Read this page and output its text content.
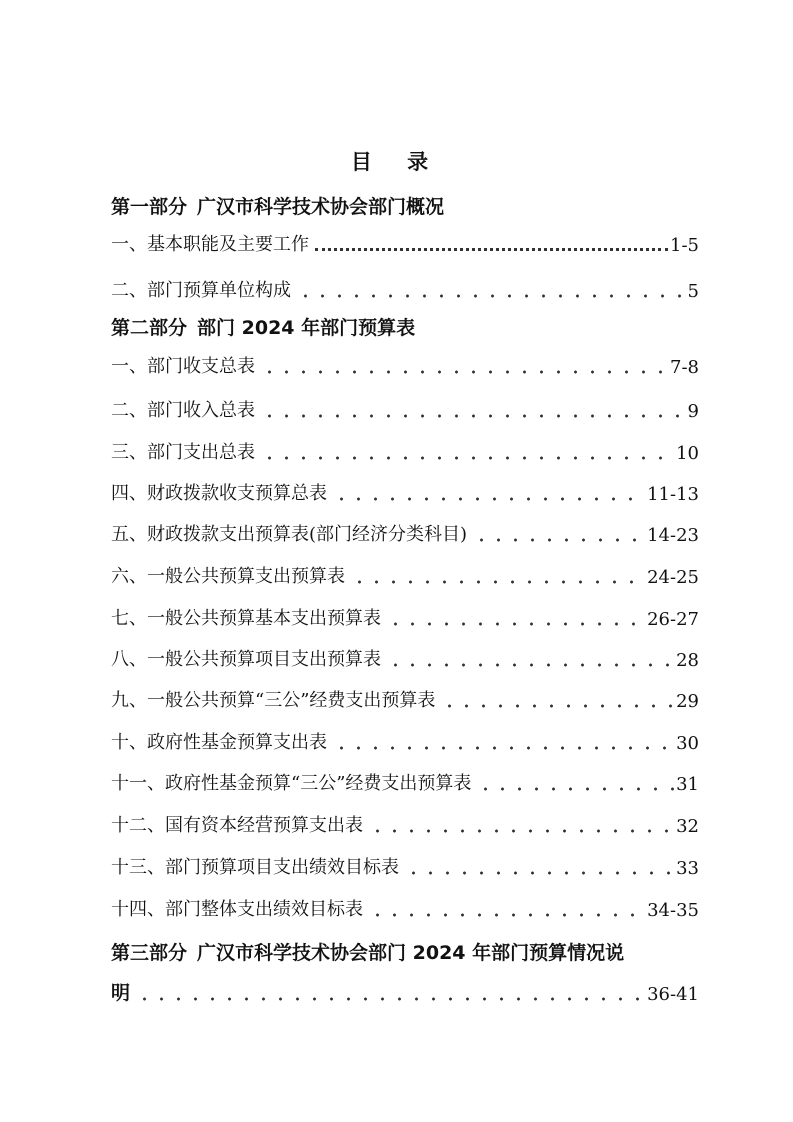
目 录
第一部分 广汉市科学技术协会部门概况
一、基本职能及主要工作	1-5
二、部门预算单位构成	5
第二部分 部门 2024 年部门预算表
一、部门收支总表	7-8
二、部门收入总表	9
三、部门支出总表	10
四、财政拨款收支预算总表	11-13
五、财政拨款支出预算表(部门经济分类科目)	14-23
六、一般公共预算支出预算表	24-25
七、一般公共预算基本支出预算表	26-27
八、一般公共预算项目支出预算表	28
九、一般公共预算“三公”经费支出预算表	29
十、政府性基金预算支出表	30
十一、政府性基金预算“三公”经费支出预算表	31
十二、国有资本经营预算支出表	32
十三、部门预算项目支出绩效目标表	33
十四、部门整体支出绩效目标表	34-35
第三部分 广汉市科学技术协会部门 2024 年部门预算情况说
明	36-41
